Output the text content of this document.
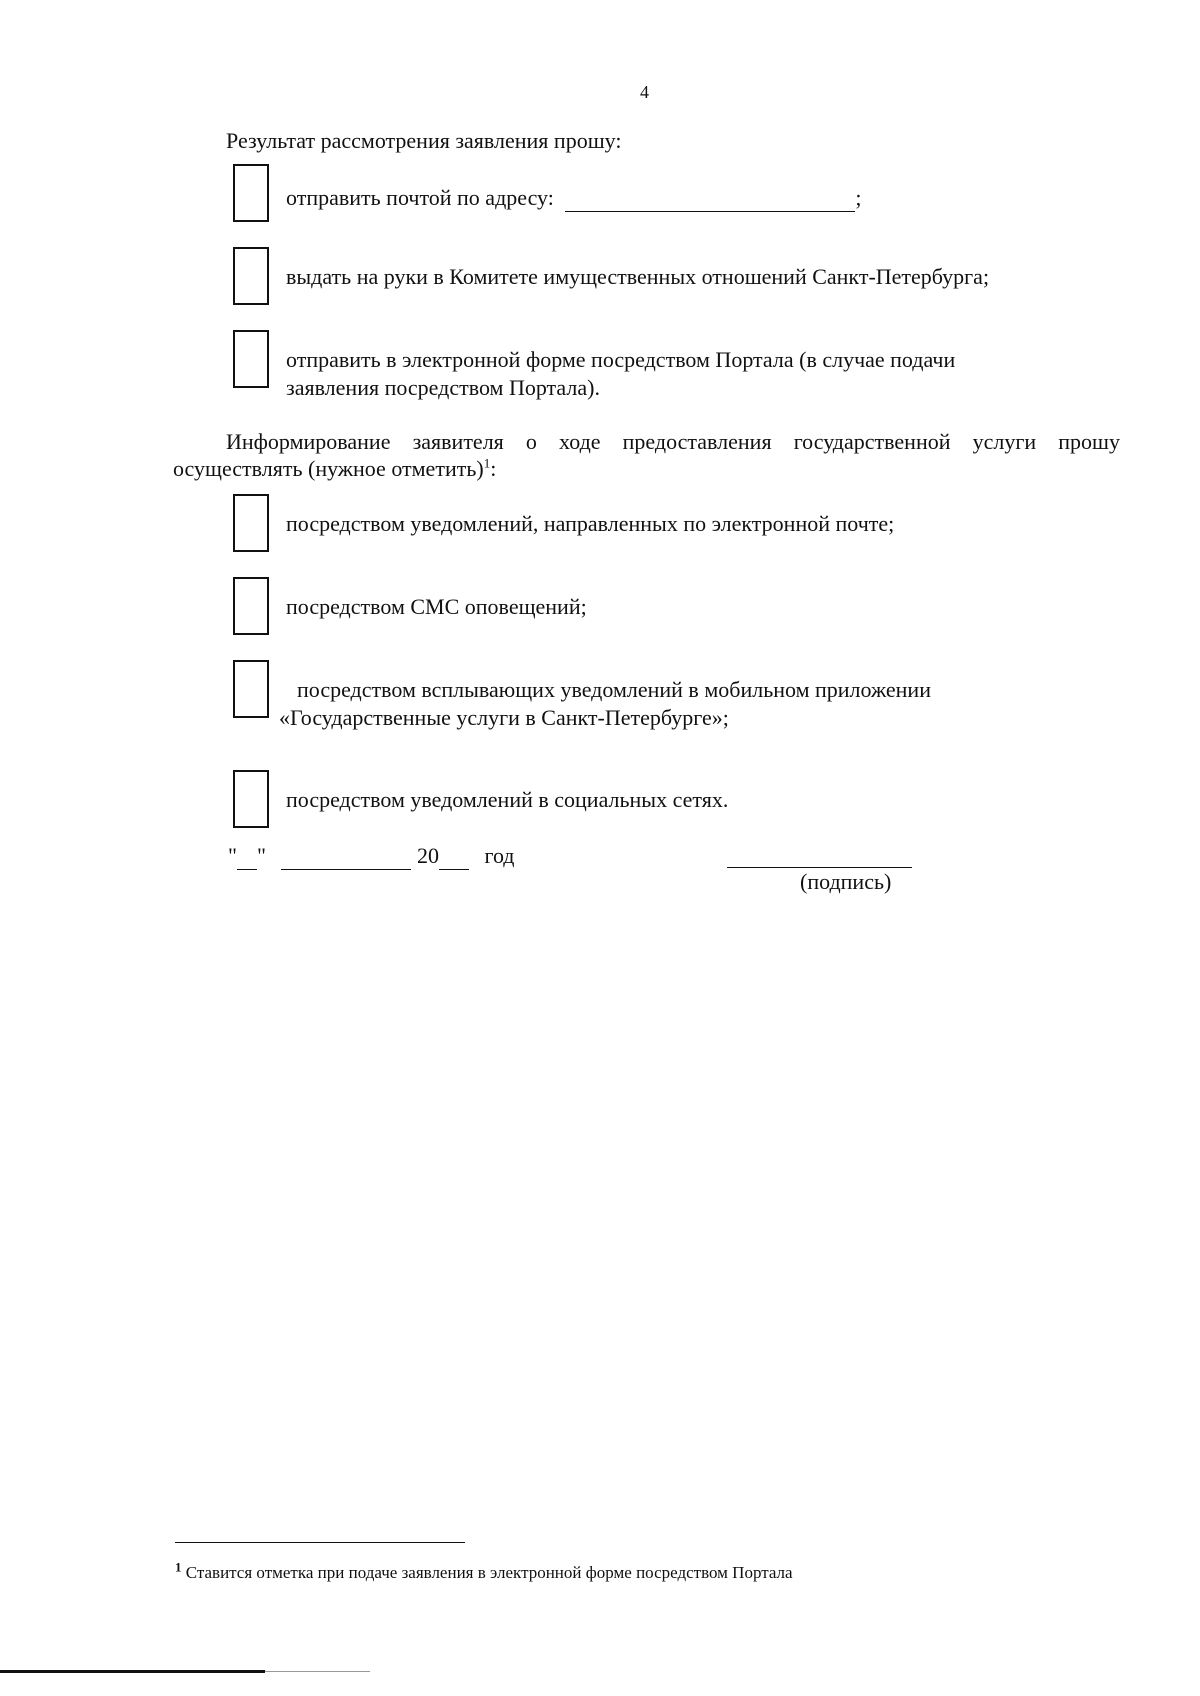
4
Результат рассмотрения заявления прошу:
отправить почтой по адресу:	;
выдать на руки в Комитете имущественных отношений Санкт-Петербурга;
отправить в электронной форме посредством Портала (в случае подачи
заявления посредством Портала).
Информирование заявителя о ходе предоставления государственной услуги прошу
осуществлять (нужное отметить)$^1$:
посредством уведомлений, направленных по электронной почте;
посредством СМС оповещений;
посредством всплывающих уведомлений в мобильном приложении
«Государственные услуги в Санкт-Петербурге»;
посредством уведомлений в социальных сетях.
" "	20 год
(подпись)
$^1$ Ставится отметка при подаче заявления в электронной форме посредством Портала
